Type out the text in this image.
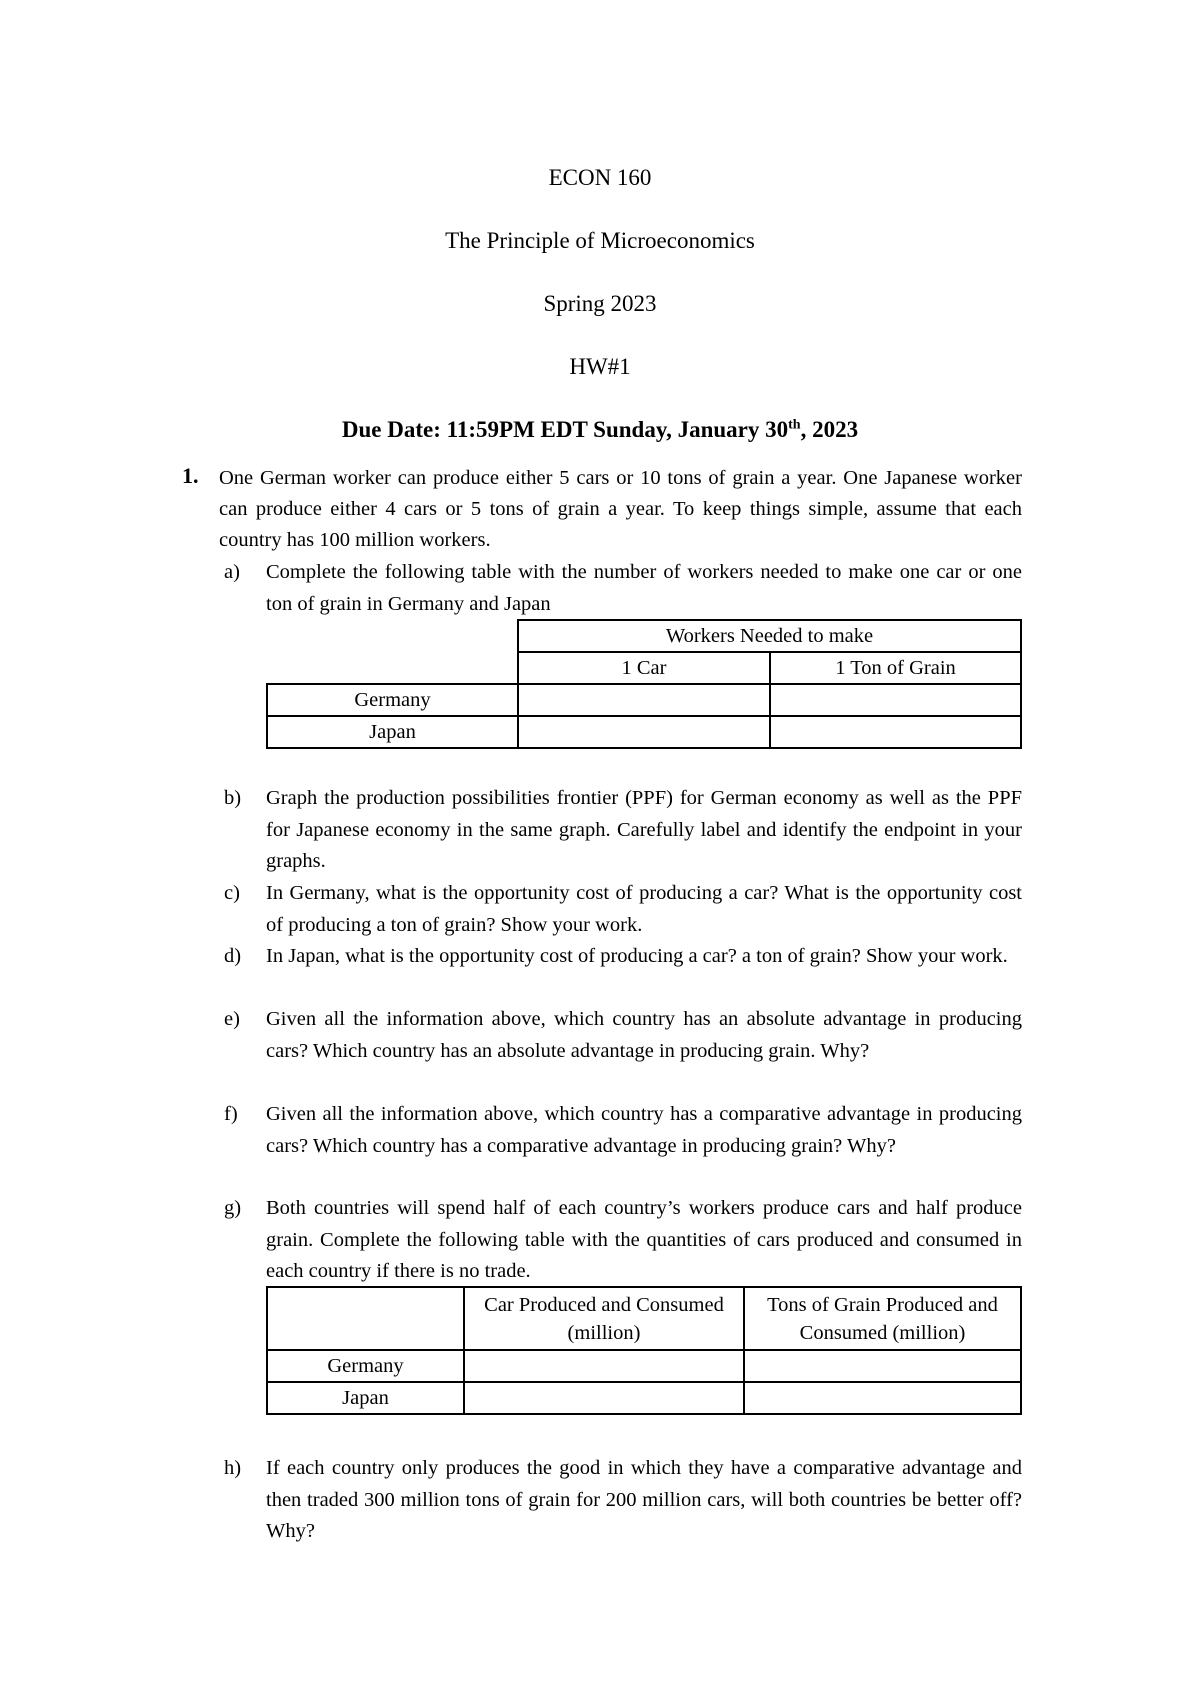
ECON 160
The Principle of Microeconomics
Spring 2023
HW#1
Due Date: 11:59PM EDT Sunday, January 30th, 2023
1. One German worker can produce either 5 cars or 10 tons of grain a year. One Japanese worker can produce either 4 cars or 5 tons of grain a year. To keep things simple, assume that each country has 100 million workers.
a)	Complete the following table with the number of workers needed to make one car or one ton of grain in Germany and Japan
	Workers Needed to make	
	1 Car	1 Ton of Grain
Germany		
Japan		
b)	Graph the production possibilities frontier (PPF) for German economy as well as the PPF for Japanese economy in the same graph. Carefully label and identify the endpoint in your graphs.
c)	In Germany, what is the opportunity cost of producing a car? What is the opportunity cost of producing a ton of grain? Show your work.
d)	In Japan, what is the opportunity cost of producing a car? a ton of grain? Show your work.
e)	Given all the information above, which country has an absolute advantage in producing cars? Which country has an absolute advantage in producing grain. Why?
f)	Given all the information above, which country has a comparative advantage in producing cars? Which country has a comparative advantage in producing grain? Why?
g)	Both countries will spend half of each country’s workers produce cars and half produce grain. Complete the following table with the quantities of cars produced and consumed in each country if there is no trade.
	Car Produced and Consumed (million)	Tons of Grain Produced and Consumed (million)
Germany		
Japan		
h)	If each country only produces the good in which they have a comparative advantage and then traded 300 million tons of grain for 200 million cars, will both countries be better off? Why?
